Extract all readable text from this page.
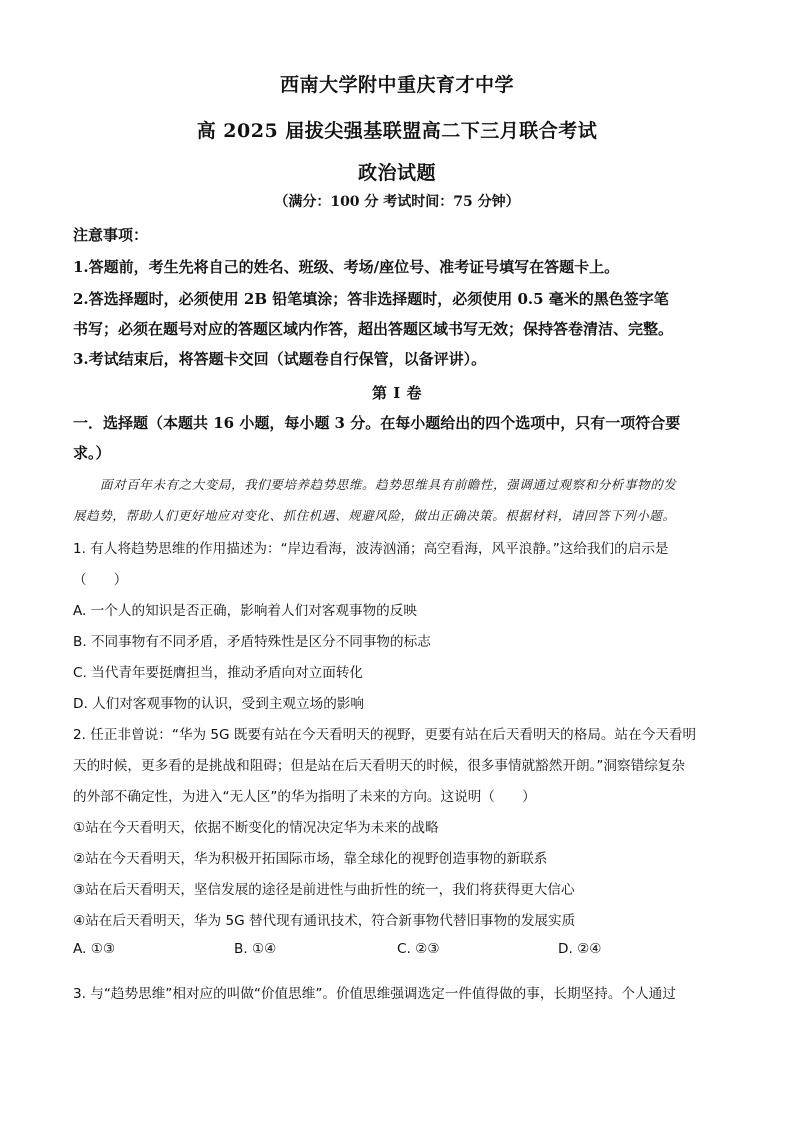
西南大学附中重庆育才中学
高 2025 届拔尖强基联盟高二下三月联合考试
政治试题
（满分：100 分 考试时间：75 分钟）
注意事项：
1.答题前，考生先将自己的姓名、班级、考场/座位号、准考证号填写在答题卡上。
2.答选择题时，必须使用 2B 铅笔填涂；答非选择题时，必须使用 0.5 毫米的黑色签字笔
书写；必须在题号对应的答题区域内作答，超出答题区域书写无效；保持答卷清洁、完整。
3.考试结束后，将答题卡交回（试题卷自行保管，以备评讲）。
第 I 卷
一．选择题（本题共 16 小题，每小题 3 分。在每小题给出的四个选项中，只有一项符合要
求。）
面对百年未有之大变局，我们要培养趋势思维。趋势思维具有前瞻性，强调通过观察和分析事物的发
展趋势，帮助人们更好地应对变化、抓住机遇、规避风险，做出正确决策。根据材料，请回答下列小题。
1. 有人将趋势思维的作用描述为：“岸边看海，波涛汹涌；高空看海，风平浪静。”这给我们的启示是
（　　）
A. 一个人的知识是否正确，影响着人们对客观事物的反映
B. 不同事物有不同矛盾，矛盾特殊性是区分不同事物的标志
C. 当代青年要挺膺担当，推动矛盾向对立面转化
D. 人们对客观事物的认识，受到主观立场的影响
2. 任正非曾说：“华为 5G 既要有站在今天看明天的视野，更要有站在后天看明天的格局。站在今天看明
天的时候，更多看的是挑战和阻碍；但是站在后天看明天的时候，很多事情就豁然开朗。”洞察错综复杂
的外部不确定性，为进入“无人区”的华为指明了未来的方向。这说明（　　）
①站在今天看明天，依据不断变化的情况决定华为未来的战略
②站在今天看明天，华为积极开拓国际市场，靠全球化的视野创造事物的新联系
③站在后天看明天，坚信发展的途径是前进性与曲折性的统一，我们将获得更大信心
④站在后天看明天，华为 5G 替代现有通讯技术，符合新事物代替旧事物的发展实质
A. ①③	B. ①④	C. ②③	D. ②④
3. 与“趋势思维”相对应的叫做“价值思维”。价值思维强调选定一件值得做的事，长期坚持。个人通过
